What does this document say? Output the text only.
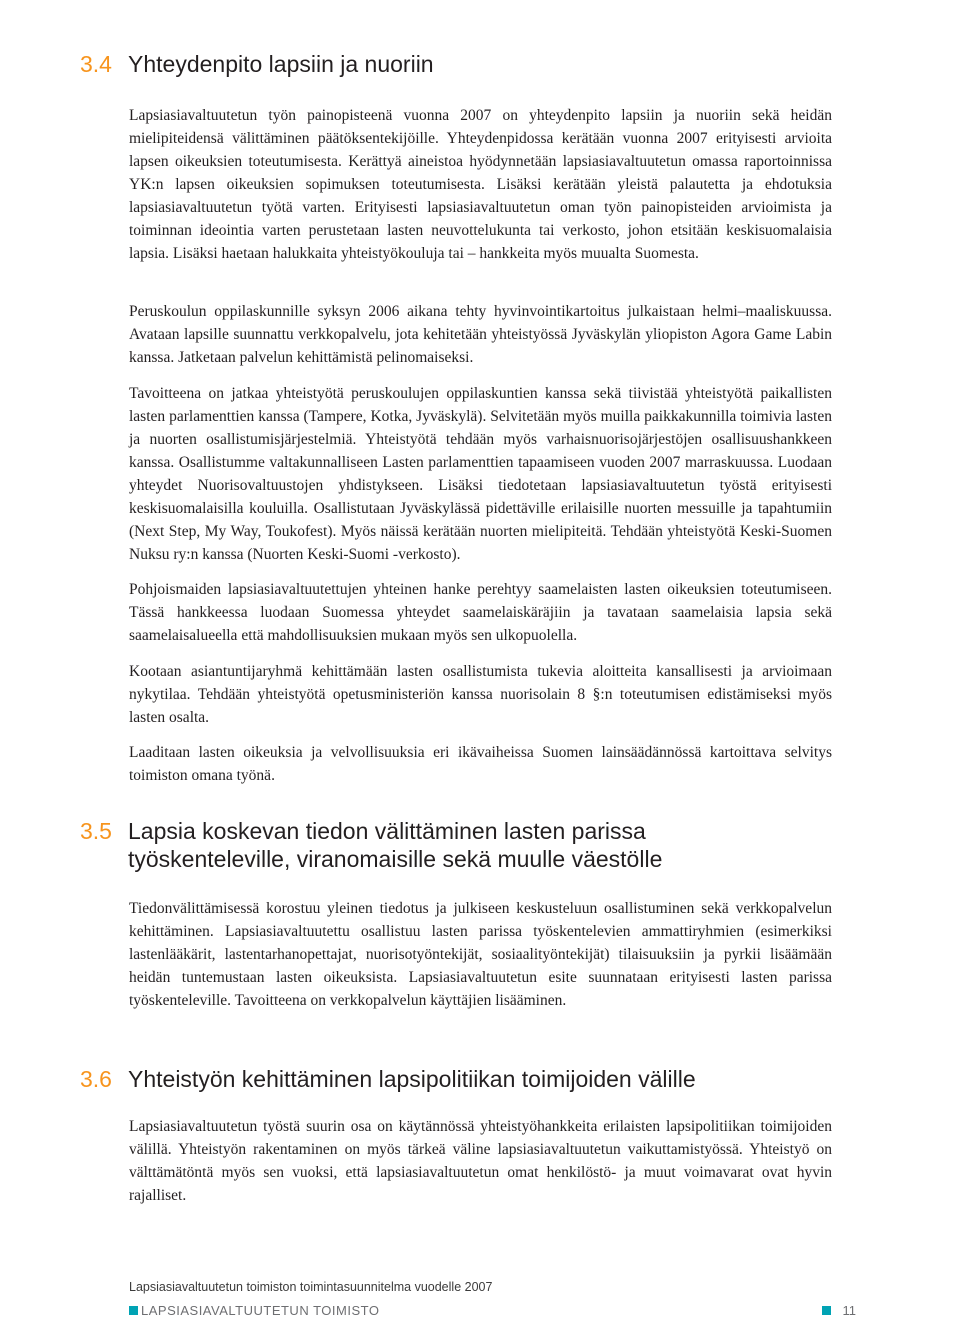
3.4 Yhteydenpito lapsiin ja nuoriin

Lapsiasiavaltuutetun työn painopisteenä vuonna 2007 on yhteydenpito lapsiin ja nuoriin sekä heidän mielipiteidensä välittäminen päätöksentekijöille. Yhteydenpidossa kerätään vuonna 2007 erityisesti arvioita lapsen oikeuksien toteutumisesta. Kerättyä aineistoa hyödynnetään lapsiasiavaltuutetun omassa raportoinnissa YK:n lapsen oikeuksien sopimuksen toteutumisesta. Lisäksi kerätään yleistä palautetta ja ehdotuksia lapsiasiavaltuutetun työtä varten. Erityisesti lapsiasiavaltuutetun oman työn painopisteiden arvioimista ja toiminnan ideointia varten perustetaan lasten neuvottelukunta tai verkosto, johon etsitään keskisuomalaisia lapsia. Lisäksi haetaan halukkaita yhteistyökouluja tai – hankkeita myös muualta Suomesta.

Peruskoulun oppilaskunnille syksyn 2006 aikana tehty hyvinvointikartoitus julkaistaan helmi–maaliskuussa. Avataan lapsille suunnattu verkkopalvelu, jota kehitetään yhteistyössä Jyväskylän yliopiston Agora Game Labin kanssa. Jatketaan palvelun kehittämistä pelinomaiseksi.

Tavoitteena on jatkaa yhteistyötä peruskoulujen oppilaskuntien kanssa sekä tiivistää yhteistyötä paikallisten lasten parlamenttien kanssa (Tampere, Kotka, Jyväskylä). Selvitetään myös muilla paikkakunnilla toimivia lasten ja nuorten osallistumisjärjestelmiä. Yhteistyötä tehdään myös varhaisnuorisojärjestöjen osallisuushankkeen kanssa. Osallistumme valtakunnalliseen Lasten parlamenttien tapaamiseen vuoden 2007 marraskuussa. Luodaan yhteydet Nuorisovaltuustojen yhdistykseen. Lisäksi tiedotetaan lapsiasiavaltuutetun työstä erityisesti keskisuomalaisilla kouluilla. Osallistutaan Jyväskylässä pidettäville erilaisille nuorten messuille ja tapahtumiin (Next Step, My Way, Toukofest). Myös näissä kerätään nuorten mielipiteitä. Tehdään yhteistyötä Keski-Suomen Nuksu ry:n kanssa (Nuorten Keski-Suomi -verkosto).

Pohjoismaiden lapsiasiavaltuutettujen yhteinen hanke perehtyy saamelaisten lasten oikeuksien toteutumiseen. Tässä hankkeessa luodaan Suomessa yhteydet saamelaiskäräjiin ja tavataan saamelaisia lapsia sekä saamelaisalueella että mahdollisuuksien mukaan myös sen ulkopuolella.

Kootaan asiantuntijaryhmä kehittämään lasten osallistumista tukevia aloitteita kansallisesti ja arvioimaan nykytilaa. Tehdään yhteistyötä opetusministeriön kanssa nuorisolain 8 §:n toteutumisen edistämiseksi myös lasten osalta.

Laaditaan lasten oikeuksia ja velvollisuuksia eri ikävaiheissa Suomen lainsäädännössä kartoittava selvitys toimiston omana työnä.

3.5 Lapsia koskevan tiedon välittäminen lasten parissa
työskenteleville, viranomaisille sekä muulle väestölle

Tiedonvälittämisessä korostuu yleinen tiedotus ja julkiseen keskusteluun osallistuminen sekä verkkopalvelun kehittäminen. Lapsiasiavaltuutettu osallistuu lasten parissa työskentelevien ammattiryhmien (esimerkiksi lastenlääkärit, lastentarhanopettajat, nuorisotyöntekijät, sosiaalityöntekijät) tilaisuuksiin ja pyrkii lisäämään heidän tuntemustaan lasten oikeuksista. Lapsiasiavaltuutetun esite suunnataan erityisesti lasten parissa työskenteleville. Tavoitteena on verkkopalvelun käyttäjien lisääminen.

3.6 Yhteistyön kehittäminen lapsipolitiikan toimijoiden välille

Lapsiasiavaltuutetun työstä suurin osa on käytännössä yhteistyöhankkeita erilaisten lapsipolitiikan toimijoiden välillä. Yhteistyön rakentaminen on myös tärkeä väline lapsiasiavaltuutetun vaikuttamistyössä. Yhteistyö on välttämätöntä myös sen vuoksi, että lapsiasiavaltuutetun omat henkilöstö- ja muut voimavarat ovat hyvin rajalliset.

Lapsiasiavaltuutetun toimiston toimintasuunnitelma vuodelle 2007

LAPSIASIAVALTUUTETUN TOIMISTO	11
